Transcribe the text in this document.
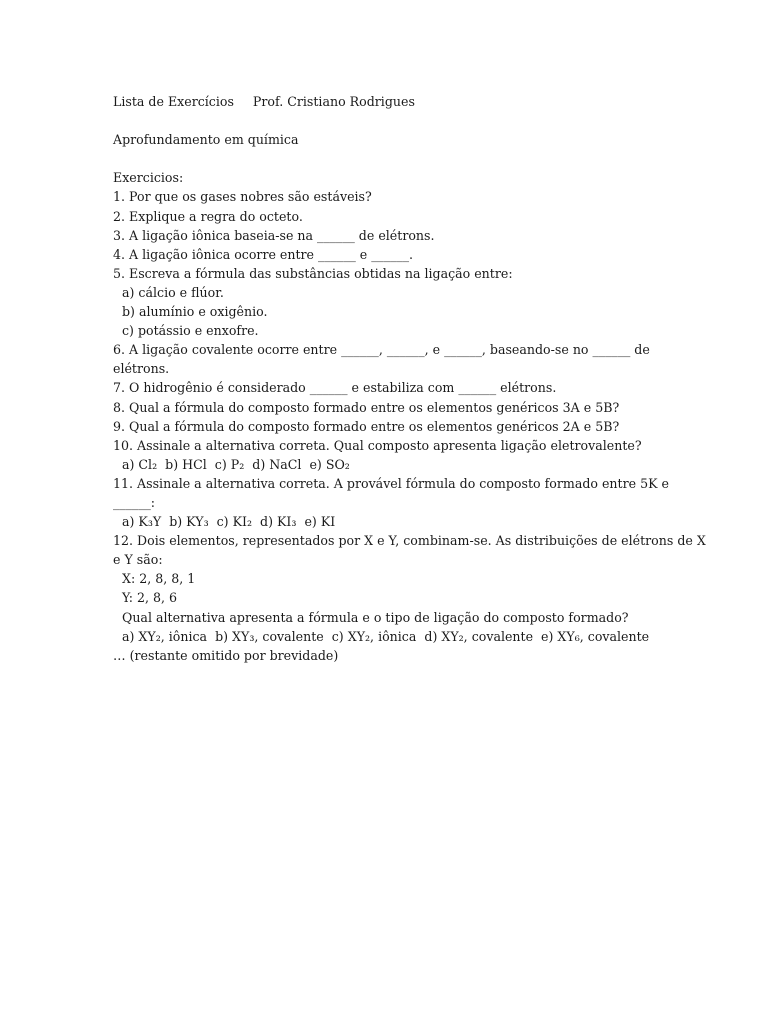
Lista de Exercícios Prof. Cristiano Rodrigues
Aprofundamento em química
Exercicios:
1. Por que os gases nobres são estáveis?
2. Explique a regra do octeto.
3. A ligação iônica baseia-se na ______ de elétrons.
4. A ligação iônica ocorre entre ______ e ______.
5. Escreva a fórmula das substâncias obtidas na ligação entre:
a) cálcio e flúor.
b) alumínio e oxigênio.
c) potássio e enxofre.
6. A ligação covalente ocorre entre ______, ______, e ______, baseando-se no ______ de
elétrons.
7. O hidrogênio é considerado ______ e estabiliza com ______ elétrons.
8. Qual a fórmula do composto formado entre os elementos genéricos 3A e 5B?
9. Qual a fórmula do composto formado entre os elementos genéricos 2A e 5B?
10. Assinale a alternativa correta. Qual composto apresenta ligação eletrovalente?
a) Cl₂  b) HCl  c) P₂  d) NaCl  e) SO₂
11. Assinale a alternativa correta. A provável fórmula do composto formado entre 5K e
______:
a) K₃Y  b) KY₃  c) KI₂  d) KI₃  e) KI
12. Dois elementos, representados por X e Y, combinam-se. As distribuições de elétrons de X
e Y são:
X: 2, 8, 8, 1
Y: 2, 8, 6
Qual alternativa apresenta a fórmula e o tipo de ligação do composto formado?
a) XY₂, iônica  b) XY₃, covalente  c) XY₂, iônica  d) XY₂, covalente  e) XY₆, covalente
… (restante omitido por brevidade)
